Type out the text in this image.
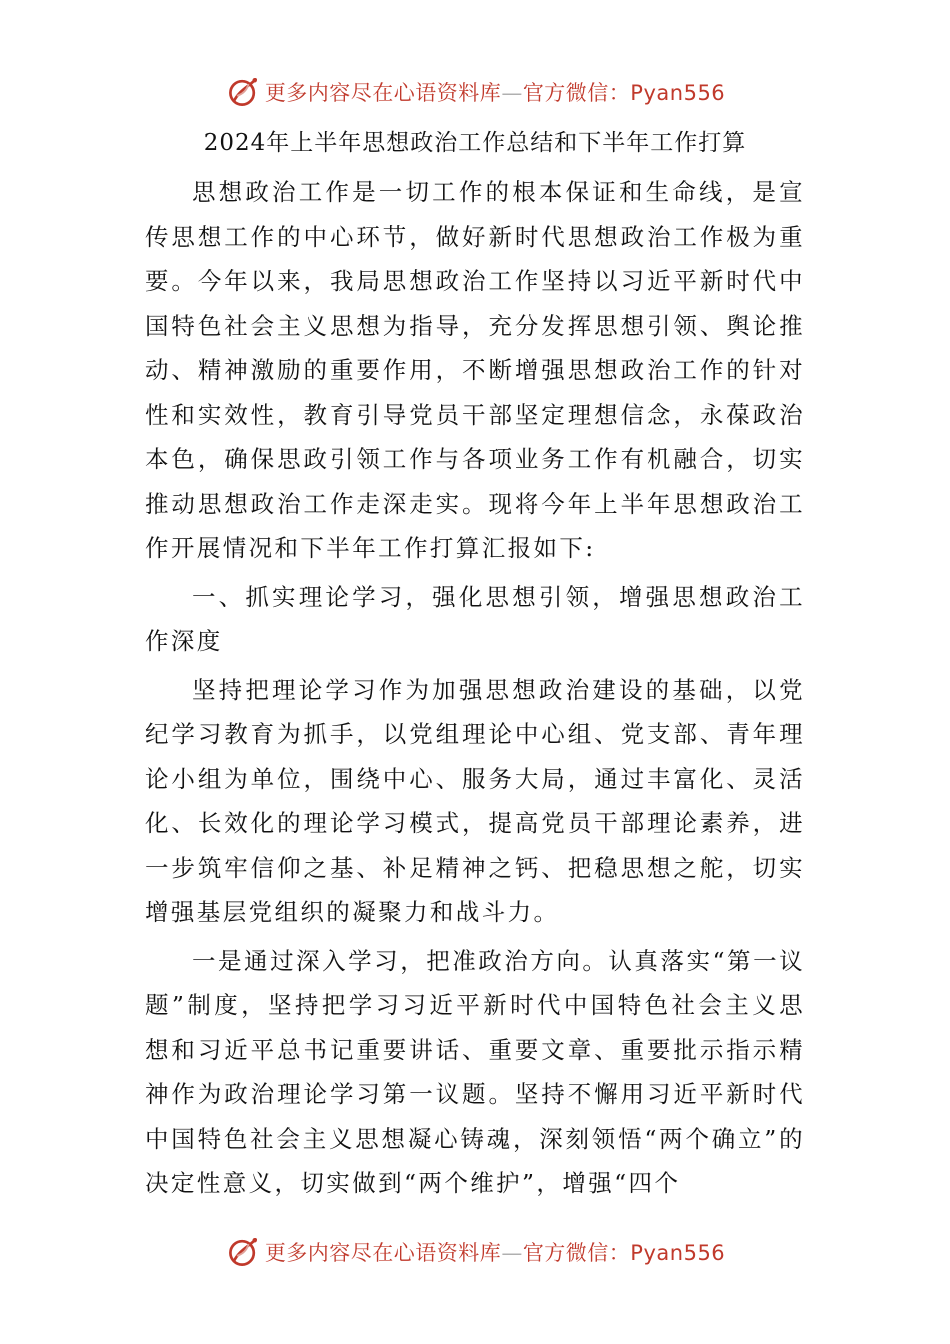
更多内容尽在心语资料库—官方微信：Pyan556
2024年上半年思想政治工作总结和下半年工作打算

思想政治工作是一切工作的根本保证和生命线，是宣传思想工作的中心环节，做好新时代思想政治工作极为重要。今年以来，我局思想政治工作坚持以习近平新时代中国特色社会主义思想为指导，充分发挥思想引领、舆论推动、精神激励的重要作用，不断增强思想政治工作的针对性和实效性，教育引导党员干部坚定理想信念，永葆政治本色，确保思政引领工作与各项业务工作有机融合，切实推动思想政治工作走深走实。现将今年上半年思想政治工作开展情况和下半年工作打算汇报如下:

一、抓实理论学习，强化思想引领，增强思想政治工作深度

坚持把理论学习作为加强思想政治建设的基础，以党纪学习教育为抓手，以党组理论中心组、党支部、青年理论小组为单位，围绕中心、服务大局，通过丰富化、灵活化、长效化的理论学习模式，提高党员干部理论素养，进一步筑牢信仰之基、补足精神之钙、把稳思想之舵，切实增强基层党组织的凝聚力和战斗力。

一是通过深入学习，把准政治方向。认真落实“第一议题”制度，坚持把学习习近平新时代中国特色社会主义思想和习近平总书记重要讲话、重要文章、重要批示指示精神作为政治理论学习第一议题。坚持不懈用习近平新时代中国特色社会主义思想凝心铸魂，深刻领悟“两个确立”的决定性意义，切实做到“两个维护”，增强“四个

更多内容尽在心语资料库—官方微信：Pyan556
